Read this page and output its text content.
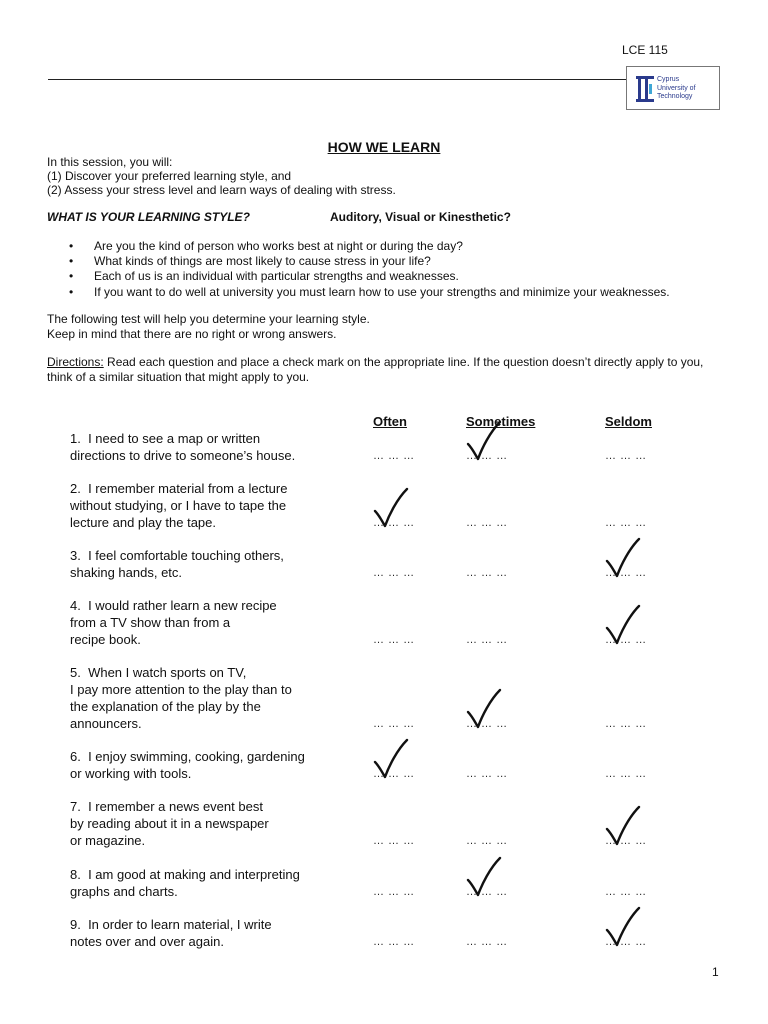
LCE 115
Cyprus
University of
Technology
HOW WE LEARN
In this session, you will:
(1) Discover your preferred learning style, and
(2) Assess your stress level and learn ways of dealing with stress.
WHAT IS YOUR LEARNING STYLE?	Auditory, Visual or Kinesthetic?
• Are you the kind of person who works best at night or during the day?
• What kinds of things are most likely to cause stress in your life?
• Each of us is an individual with particular strengths and weaknesses.
• If you want to do well at university you must learn how to use your strengths and minimize your weaknesses.
The following test will help you determine your learning style.
Keep in mind that there are no right or wrong answers.
Directions: Read each question and place a check mark on the appropriate line. If the question doesn’t directly apply to you, think of a similar situation that might apply to you.
Often	Sometimes	Seldom
1.  I need to see a map or written
directions to drive to someone’s house.	… … …	… … …	… … …
2.  I remember material from a lecture
without studying, or I have to tape the
lecture and play the tape.	… … …	… … …	… … …
3.  I feel comfortable touching others,
shaking hands, etc.	… … …	… … …	… … …
4.  I would rather learn a new recipe
from a TV show than from a
recipe book.	… … …	… … …	… … …
5.  When I watch sports on TV,
I pay more attention to the play than to
the explanation of the play by the
announcers.	… … …	… … …	… … …
6.  I enjoy swimming, cooking, gardening
or working with tools.	… … …	… … …	… … …
7.  I remember a news event best
by reading about it in a newspaper
or magazine.	… … …	… … …	… … …
8.  I am good at making and interpreting
graphs and charts.	… … …	… … …	… … …
9.  In order to learn material, I write
notes over and over again.	… … …	… … …	… … …
1
